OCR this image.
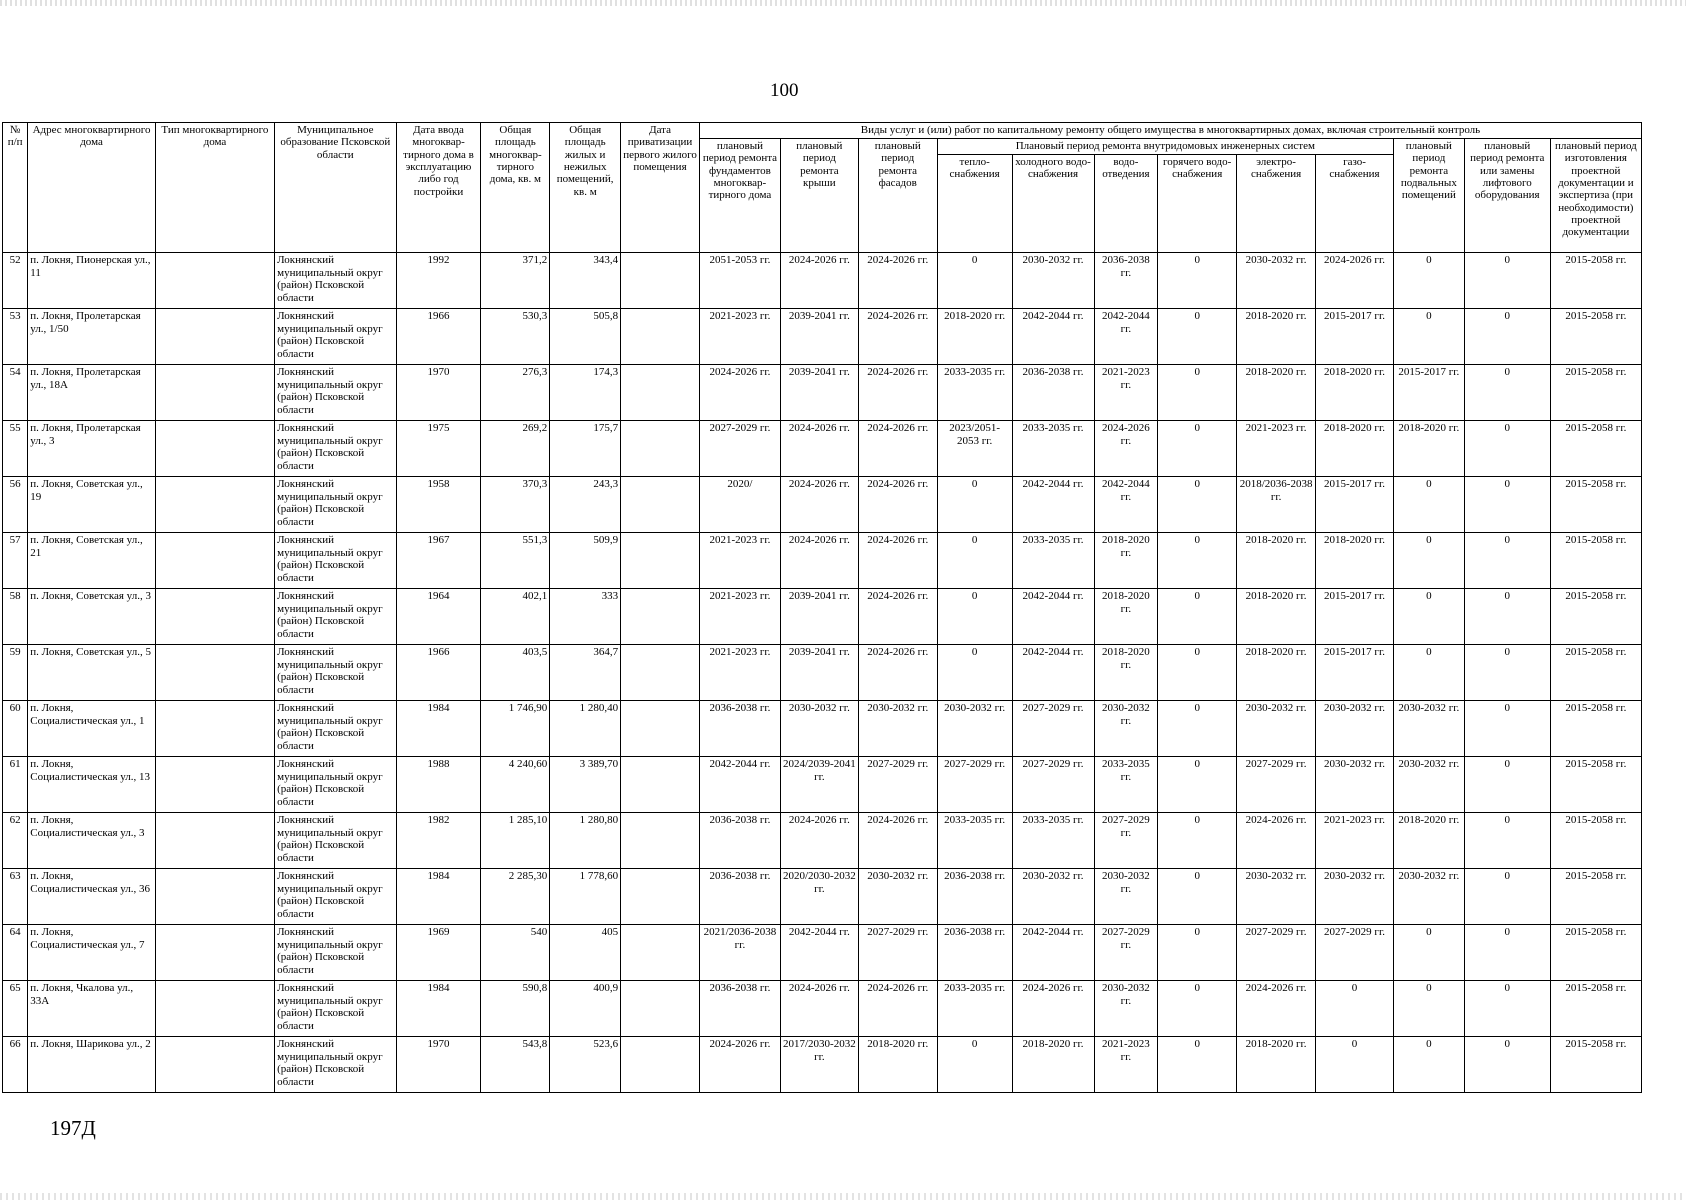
100
№ п/п	Адрес многоквартирного дома	Тип многоквартирного дома	Муниципальное образование Псковской области	Дата ввода многоквар-тирного дома в эксплуатацию либо год постройки	Общая площадь многоквар-тирного дома, кв. м	Общая площадь жилых и нежилых помещений, кв. м	Дата приватизации первого жилого помещения	Виды услуг и (или) работ по капитальному ремонту общего имущества в многоквартирных домах, включая строительный контроль											
								плановый период ремонта фундаментов многоквар-тирного дома	плановый период ремонта крыши	плановый период ремонта фасадов	Плановый период ремонта внутридомовых инженерных систем						плановый период ремонта подвальных помещений	плановый период ремонта или замены лифтового оборудования	плановый период изготовления проектной документации и экспертиза (при необходимости) проектной документации
											тепло-снабжения	холодного водо-снабжения	водо-отведения	горячего водо-снабжения	электро-снабжения	газо-снабжения			
52	п. Локня, Пионерская ул., 11		Локнянский муниципальный округ (район) Псковской области	1992	371,2	343,4		2051-2053 гг.	2024-2026 гг.	2024-2026 гг.	0	2030-2032 гг.	2036-2038 гг.	0	2030-2032 гг.	2024-2026 гг.	0	0	2015-2058 гг.
53	п. Локня, Пролетарская ул., 1/50		Локнянский муниципальный округ (район) Псковской области	1966	530,3	505,8		2021-2023 гг.	2039-2041 гг.	2024-2026 гг.	2018-2020 гг.	2042-2044 гг.	2042-2044 гг.	0	2018-2020 гг.	2015-2017 гг.	0	0	2015-2058 гг.
54	п. Локня, Пролетарская ул., 18А		Локнянский муниципальный округ (район) Псковской области	1970	276,3	174,3		2024-2026 гг.	2039-2041 гг.	2024-2026 гг.	2033-2035 гг.	2036-2038 гг.	2021-2023 гг.	0	2018-2020 гг.	2018-2020 гг.	2015-2017 гг.	0	2015-2058 гг.
55	п. Локня, Пролетарская ул., 3		Локнянский муниципальный округ (район) Псковской области	1975	269,2	175,7		2027-2029 гг.	2024-2026 гг.	2024-2026 гг.	2023/2051-2053 гг.	2033-2035 гг.	2024-2026 гг.	0	2021-2023 гг.	2018-2020 гг.	2018-2020 гг.	0	2015-2058 гг.
56	п. Локня, Советская ул., 19		Локнянский муниципальный округ (район) Псковской области	1958	370,3	243,3		2020/	2024-2026 гг.	2024-2026 гг.	0	2042-2044 гг.	2042-2044 гг.	0	2018/2036-2038 гг.	2015-2017 гг.	0	0	2015-2058 гг.
57	п. Локня, Советская ул., 21		Локнянский муниципальный округ (район) Псковской области	1967	551,3	509,9		2021-2023 гг.	2024-2026 гг.	2024-2026 гг.	0	2033-2035 гг.	2018-2020 гг.	0	2018-2020 гг.	2018-2020 гг.	0	0	2015-2058 гг.
58	п. Локня, Советская ул., 3		Локнянский муниципальный округ (район) Псковской области	1964	402,1	333		2021-2023 гг.	2039-2041 гг.	2024-2026 гг.	0	2042-2044 гг.	2018-2020 гг.	0	2018-2020 гг.	2015-2017 гг.	0	0	2015-2058 гг.
59	п. Локня, Советская ул., 5		Локнянский муниципальный округ (район) Псковской области	1966	403,5	364,7		2021-2023 гг.	2039-2041 гг.	2024-2026 гг.	0	2042-2044 гг.	2018-2020 гг.	0	2018-2020 гг.	2015-2017 гг.	0	0	2015-2058 гг.
60	п. Локня, Социалистическая ул., 1		Локнянский муниципальный округ (район) Псковской области	1984	1 746,90	1 280,40		2036-2038 гг.	2030-2032 гг.	2030-2032 гг.	2030-2032 гг.	2027-2029 гг.	2030-2032 гг.	0	2030-2032 гг.	2030-2032 гг.	2030-2032 гг.	0	2015-2058 гг.
61	п. Локня, Социалистическая ул., 13		Локнянский муниципальный округ (район) Псковской области	1988	4 240,60	3 389,70		2042-2044 гг.	2024/2039-2041 гг.	2027-2029 гг.	2027-2029 гг.	2027-2029 гг.	2033-2035 гг.	0	2027-2029 гг.	2030-2032 гг.	2030-2032 гг.	0	2015-2058 гг.
62	п. Локня, Социалистическая ул., 3		Локнянский муниципальный округ (район) Псковской области	1982	1 285,10	1 280,80		2036-2038 гг.	2024-2026 гг.	2024-2026 гг.	2033-2035 гг.	2033-2035 гг.	2027-2029 гг.	0	2024-2026 гг.	2021-2023 гг.	2018-2020 гг.	0	2015-2058 гг.
63	п. Локня, Социалистическая ул., 36		Локнянский муниципальный округ (район) Псковской области	1984	2 285,30	1 778,60		2036-2038 гг.	2020/2030-2032 гг.	2030-2032 гг.	2036-2038 гг.	2030-2032 гг.	2030-2032 гг.	0	2030-2032 гг.	2030-2032 гг.	2030-2032 гг.	0	2015-2058 гг.
64	п. Локня, Социалистическая ул., 7		Локнянский муниципальный округ (район) Псковской области	1969	540	405		2021/2036-2038 гг.	2042-2044 гг.	2027-2029 гг.	2036-2038 гг.	2042-2044 гг.	2027-2029 гг.	0	2027-2029 гг.	2027-2029 гг.	0	0	2015-2058 гг.
65	п. Локня, Чкалова ул., 33А		Локнянский муниципальный округ (район) Псковской области	1984	590,8	400,9		2036-2038 гг.	2024-2026 гг.	2024-2026 гг.	2033-2035 гг.	2024-2026 гг.	2030-2032 гг.	0	2024-2026 гг.	0	0	0	2015-2058 гг.
66	п. Локня, Шарикова ул., 2		Локнянский муниципальный округ (район) Псковской области	1970	543,8	523,6		2024-2026 гг.	2017/2030-2032 гг.	2018-2020 гг.	0	2018-2020 гг.	2021-2023 гг.	0	2018-2020 гг.	0	0	0	2015-2058 гг.
197Д
